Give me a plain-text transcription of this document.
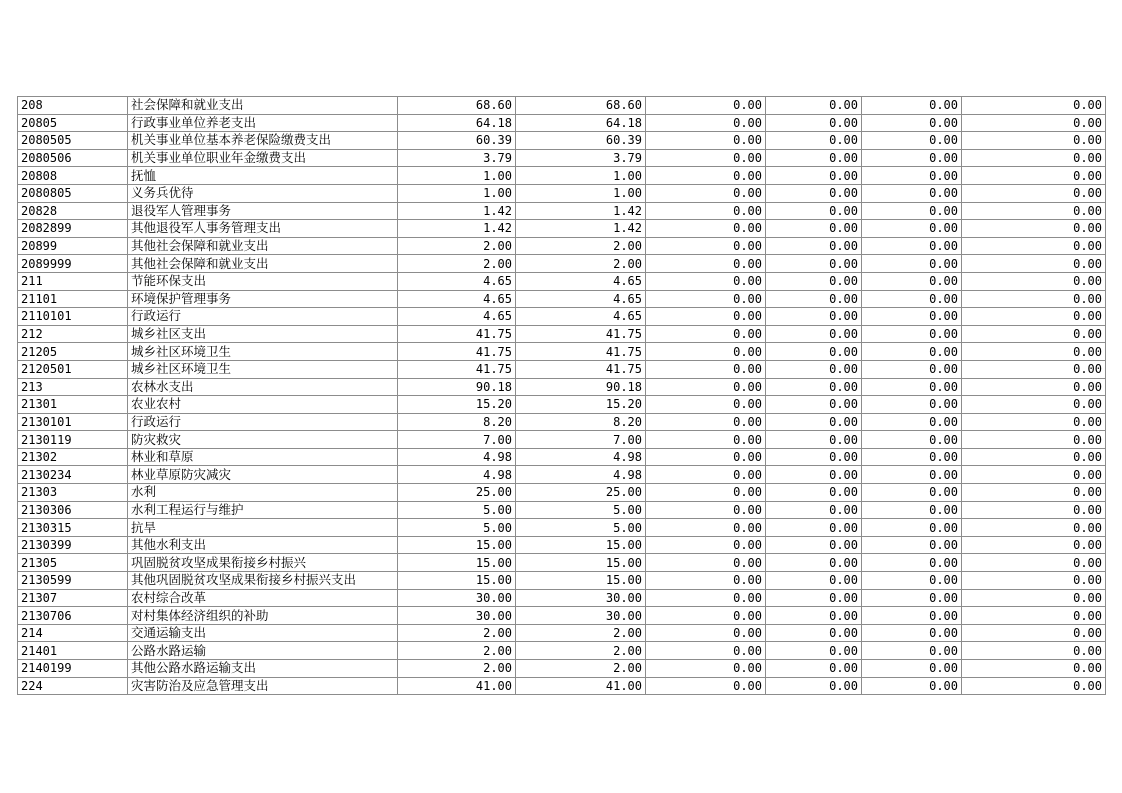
208	社会保障和就业支出	68.60	68.60	0.00	0.00	0.00	0.00
20805	行政事业单位养老支出	64.18	64.18	0.00	0.00	0.00	0.00
2080505	机关事业单位基本养老保险缴费支出	60.39	60.39	0.00	0.00	0.00	0.00
2080506	机关事业单位职业年金缴费支出	3.79	3.79	0.00	0.00	0.00	0.00
20808	抚恤	1.00	1.00	0.00	0.00	0.00	0.00
2080805	义务兵优待	1.00	1.00	0.00	0.00	0.00	0.00
20828	退役军人管理事务	1.42	1.42	0.00	0.00	0.00	0.00
2082899	其他退役军人事务管理支出	1.42	1.42	0.00	0.00	0.00	0.00
20899	其他社会保障和就业支出	2.00	2.00	0.00	0.00	0.00	0.00
2089999	其他社会保障和就业支出	2.00	2.00	0.00	0.00	0.00	0.00
211	节能环保支出	4.65	4.65	0.00	0.00	0.00	0.00
21101	环境保护管理事务	4.65	4.65	0.00	0.00	0.00	0.00
2110101	行政运行	4.65	4.65	0.00	0.00	0.00	0.00
212	城乡社区支出	41.75	41.75	0.00	0.00	0.00	0.00
21205	城乡社区环境卫生	41.75	41.75	0.00	0.00	0.00	0.00
2120501	城乡社区环境卫生	41.75	41.75	0.00	0.00	0.00	0.00
213	农林水支出	90.18	90.18	0.00	0.00	0.00	0.00
21301	农业农村	15.20	15.20	0.00	0.00	0.00	0.00
2130101	行政运行	8.20	8.20	0.00	0.00	0.00	0.00
2130119	防灾救灾	7.00	7.00	0.00	0.00	0.00	0.00
21302	林业和草原	4.98	4.98	0.00	0.00	0.00	0.00
2130234	林业草原防灾减灾	4.98	4.98	0.00	0.00	0.00	0.00
21303	水利	25.00	25.00	0.00	0.00	0.00	0.00
2130306	水利工程运行与维护	5.00	5.00	0.00	0.00	0.00	0.00
2130315	抗旱	5.00	5.00	0.00	0.00	0.00	0.00
2130399	其他水利支出	15.00	15.00	0.00	0.00	0.00	0.00
21305	巩固脱贫攻坚成果衔接乡村振兴	15.00	15.00	0.00	0.00	0.00	0.00
2130599	其他巩固脱贫攻坚成果衔接乡村振兴支出	15.00	15.00	0.00	0.00	0.00	0.00
21307	农村综合改革	30.00	30.00	0.00	0.00	0.00	0.00
2130706	对村集体经济组织的补助	30.00	30.00	0.00	0.00	0.00	0.00
214	交通运输支出	2.00	2.00	0.00	0.00	0.00	0.00
21401	公路水路运输	2.00	2.00	0.00	0.00	0.00	0.00
2140199	其他公路水路运输支出	2.00	2.00	0.00	0.00	0.00	0.00
224	灾害防治及应急管理支出	41.00	41.00	0.00	0.00	0.00	0.00
